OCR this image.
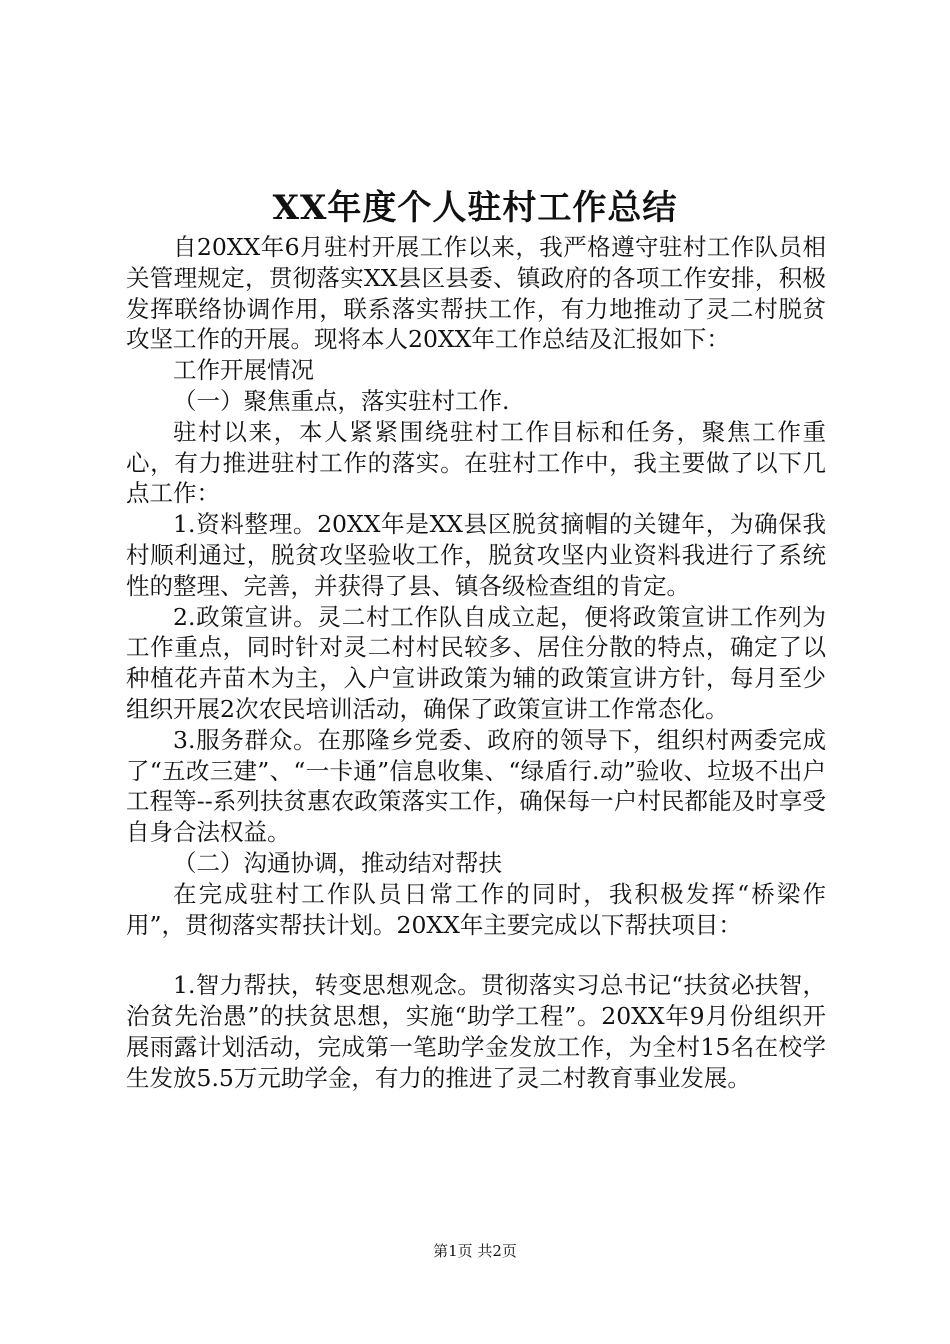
XX年度个人驻村工作总结

自20XX年6月驻村开展工作以来，我严格遵守驻村工作队员相关管理规定，贯彻落实XX县区县委、镇政府的各项工作安排，积极发挥联络协调作用，联系落实帮扶工作，有力地推动了灵二村脱贫攻坚工作的开展。现将本人20XX年工作总结及汇报如下：

工作开展情况

（一）聚焦重点，落实驻村工作.

驻村以来，本人紧紧围绕驻村工作目标和任务，聚焦工作重心，有力推进驻村工作的落实。在驻村工作中，我主要做了以下几点工作：

1.资料整理。20XX年是XX县区脱贫摘帽的关键年，为确保我村顺利通过，脱贫攻坚验收工作，脱贫攻坚内业资料我进行了系统性的整理、完善，并获得了县、镇各级检查组的肯定。

2.政策宣讲。灵二村工作队自成立起，便将政策宣讲工作列为工作重点，同时针对灵二村村民较多、居住分散的特点，确定了以种植花卉苗木为主，入户宣讲政策为辅的政策宣讲方针，每月至少组织开展2次农民培训活动，确保了政策宣讲工作常态化。

3.服务群众。在那隆乡党委、政府的领导下，组织村两委完成了“五改三建”、“一卡通”信息收集、“绿盾行.动”验收、垃圾不出户工程等--系列扶贫惠农政策落实工作，确保每一户村民都能及时享受自身合法权益。

（二）沟通协调，推动结对帮扶

在完成驻村工作队员日常工作的同时，我积极发挥“桥梁作用”，贯彻落实帮扶计划。20XX年主要完成以下帮扶项目：

1.智力帮扶，转变思想观念。贯彻落实习总书记“扶贫必扶智，治贫先治愚”的扶贫思想，实施“助学工程”。20XX年9月份组织开展雨露计划活动，完成第一笔助学金发放工作，为全村15名在校学生发放5.5万元助学金，有力的推进了灵二村教育事业发展。

第1页 共2页
